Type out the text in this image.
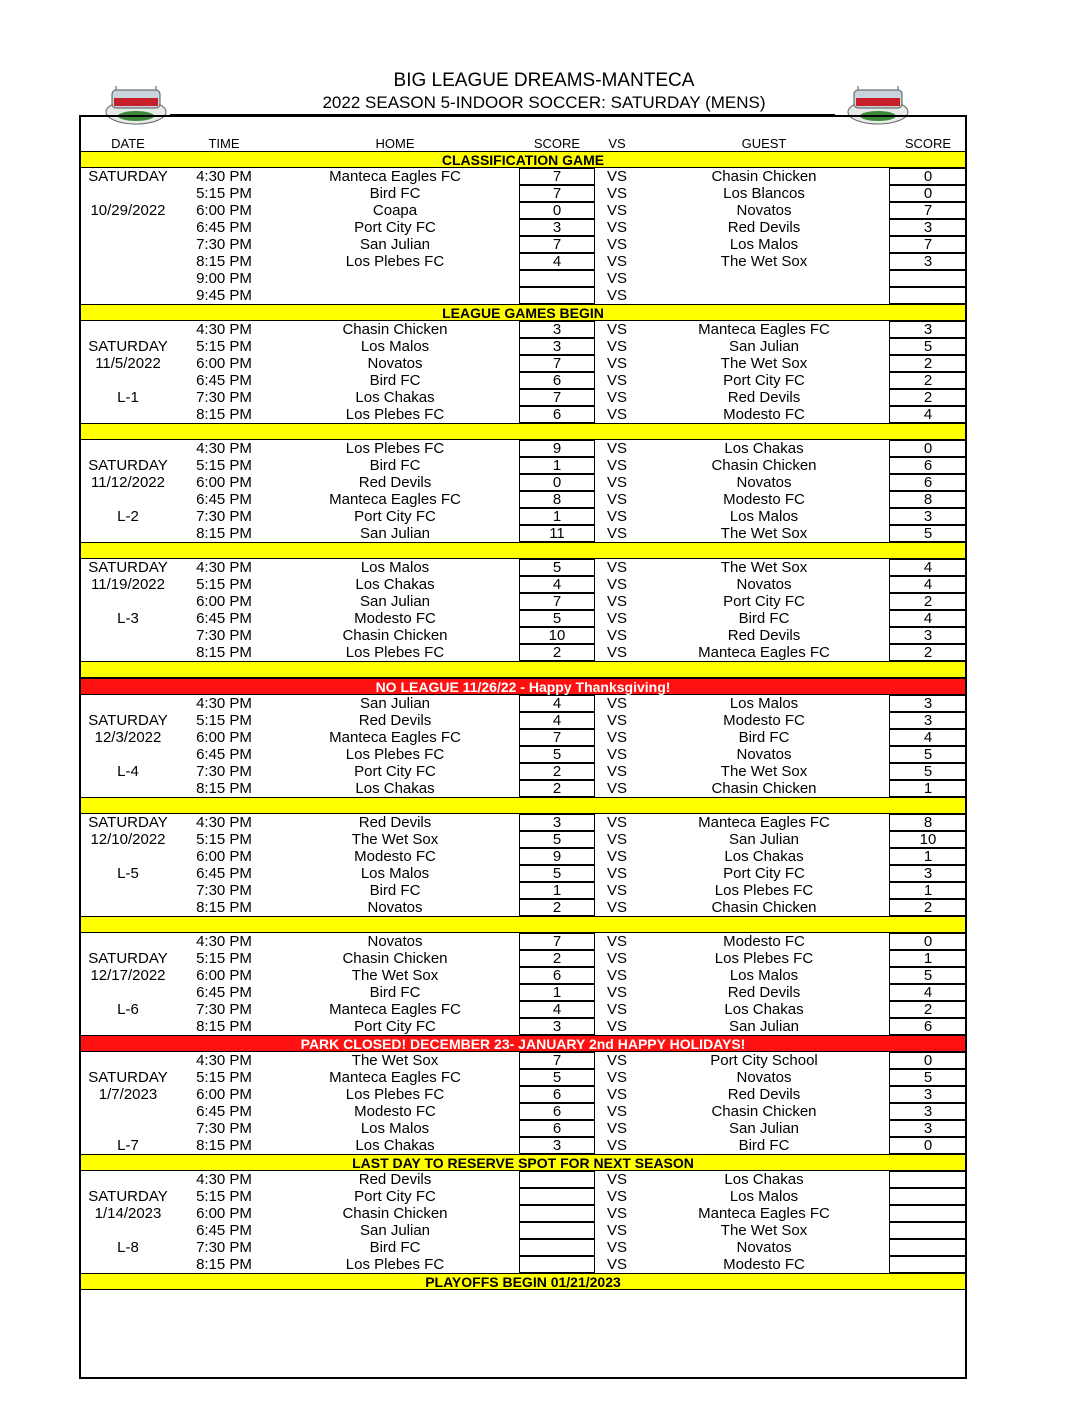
BIG LEAGUE DREAMS-MANTECA
2022 SEASON 5-INDOOR SOCCER: SATURDAY (MENS)
DATE	TIME	HOME	SCORE	VS	GUEST	SCORE
CLASSIFICATION GAME
SATURDAY	4:30 PM	Manteca Eagles FC	7	VS	Chasin Chicken	0
5:15 PM	Bird FC	7	VS	Los Blancos	0
10/29/2022	6:00 PM	Coapa	0	VS	Novatos	7
6:45 PM	Port City FC	3	VS	Red Devils	3
7:30 PM	San Julian	7	VS	Los Malos	7
8:15 PM	Los Plebes FC	4	VS	The Wet Sox	3
9:00 PM	VS
9:45 PM	VS
LEAGUE GAMES BEGIN
4:30 PM	Chasin Chicken	3	VS	Manteca Eagles FC	3
SATURDAY	5:15 PM	Los Malos	3	VS	San Julian	5
11/5/2022	6:00 PM	Novatos	7	VS	The Wet Sox	2
6:45 PM	Bird FC	6	VS	Port City FC	2
L-1	7:30 PM	Los Chakas	7	VS	Red Devils	2
8:15 PM	Los Plebes FC	6	VS	Modesto FC	4
4:30 PM	Los Plebes FC	9	VS	Los Chakas	0
SATURDAY	5:15 PM	Bird FC	1	VS	Chasin Chicken	6
11/12/2022	6:00 PM	Red Devils	0	VS	Novatos	6
6:45 PM	Manteca Eagles FC	8	VS	Modesto FC	8
L-2	7:30 PM	Port City FC	1	VS	Los Malos	3
8:15 PM	San Julian	11	VS	The Wet Sox	5
SATURDAY	4:30 PM	Los Malos	5	VS	The Wet Sox	4
11/19/2022	5:15 PM	Los Chakas	4	VS	Novatos	4
6:00 PM	San Julian	7	VS	Port City FC	2
L-3	6:45 PM	Modesto FC	5	VS	Bird FC	4
7:30 PM	Chasin Chicken	10	VS	Red Devils	3
8:15 PM	Los Plebes FC	2	VS	Manteca Eagles FC	2
NO LEAGUE 11/26/22 - Happy Thanksgiving!
4:30 PM	San Julian	4	VS	Los Malos	3
SATURDAY	5:15 PM	Red Devils	4	VS	Modesto FC	3
12/3/2022	6:00 PM	Manteca Eagles FC	7	VS	Bird FC	4
6:45 PM	Los Plebes FC	5	VS	Novatos	5
L-4	7:30 PM	Port City FC	2	VS	The Wet Sox	5
8:15 PM	Los Chakas	2	VS	Chasin Chicken	1
SATURDAY	4:30 PM	Red Devils	3	VS	Manteca Eagles FC	8
12/10/2022	5:15 PM	The Wet Sox	5	VS	San Julian	10
6:00 PM	Modesto FC	9	VS	Los Chakas	1
L-5	6:45 PM	Los Malos	5	VS	Port City FC	3
7:30 PM	Bird FC	1	VS	Los Plebes FC	1
8:15 PM	Novatos	2	VS	Chasin Chicken	2
4:30 PM	Novatos	7	VS	Modesto FC	0
SATURDAY	5:15 PM	Chasin Chicken	2	VS	Los Plebes FC	1
12/17/2022	6:00 PM	The Wet Sox	6	VS	Los Malos	5
6:45 PM	Bird FC	1	VS	Red Devils	4
L-6	7:30 PM	Manteca Eagles FC	4	VS	Los Chakas	2
8:15 PM	Port City FC	3	VS	San Julian	6
PARK CLOSED! DECEMBER 23- JANUARY 2nd HAPPY HOLIDAYS!
4:30 PM	The Wet Sox	7	VS	Port City School	0
SATURDAY	5:15 PM	Manteca Eagles FC	5	VS	Novatos	5
1/7/2023	6:00 PM	Los Plebes FC	6	VS	Red Devils	3
6:45 PM	Modesto FC	6	VS	Chasin Chicken	3
7:30 PM	Los Malos	6	VS	San Julian	3
L-7	8:15 PM	Los Chakas	3	VS	Bird FC	0
LAST DAY TO RESERVE SPOT FOR NEXT SEASON
4:30 PM	Red Devils	VS	Los Chakas
SATURDAY	5:15 PM	Port City FC	VS	Los Malos
1/14/2023	6:00 PM	Chasin Chicken	VS	Manteca Eagles FC
6:45 PM	San Julian	VS	The Wet Sox
L-8	7:30 PM	Bird FC	VS	Novatos
8:15 PM	Los Plebes FC	VS	Modesto FC
PLAYOFFS BEGIN 01/21/2023
